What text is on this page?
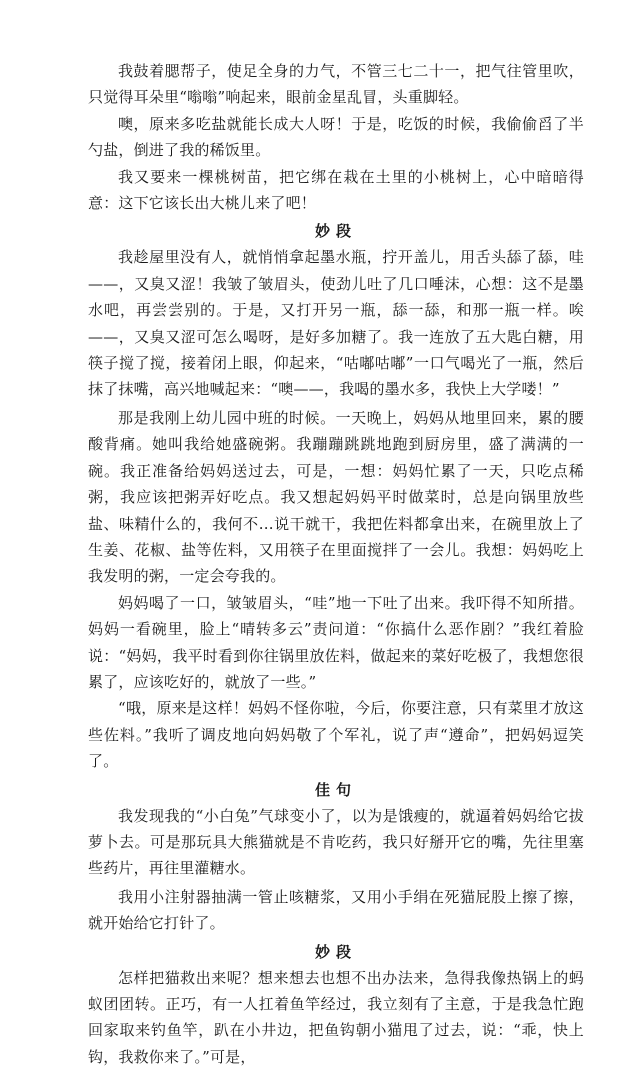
我鼓着腮帮子，使足全身的力气，不管三七二十一，把气往管里吹，只觉得耳朵里“嗡嗡”响起来，眼前金星乱冒，头重脚轻。

噢，原来多吃盐就能长成大人呀！于是，吃饭的时候，我偷偷舀了半勺盐，倒进了我的稀饭里。

我又要来一棵桃树苗，把它绑在栽在土里的小桃树上，心中暗暗得意：这下它该长出大桃儿来了吧！

妙段

我趁屋里没有人，就悄悄拿起墨水瓶，拧开盖儿，用舌头舔了舔，哇——，又臭又涩！我皱了皱眉头，使劲儿吐了几口唾沫，心想：这不是墨水吧，再尝尝别的。于是，又打开另一瓶，舔一舔，和那一瓶一样。唉——，又臭又涩可怎么喝呀，是好多加糖了。我一连放了五大匙白糖，用筷子搅了搅，接着闭上眼，仰起来，“咕嘟咕嘟”一口气喝光了一瓶，然后抹了抹嘴，高兴地喊起来：“噢——，我喝的墨水多，我快上大学喽！”

那是我刚上幼儿园中班的时候。一天晚上，妈妈从地里回来，累的腰酸背痛。她叫我给她盛碗粥。我蹦蹦跳跳地跑到厨房里，盛了满满的一碗。我正准备给妈妈送过去，可是，一想：妈妈忙累了一天，只吃点稀粥，我应该把粥弄好吃点。我又想起妈妈平时做菜时，总是向锅里放些盐、味精什么的，我何不…说干就干，我把佐料都拿出来，在碗里放上了生姜、花椒、盐等佐料，又用筷子在里面搅拌了一会儿。我想：妈妈吃上我发明的粥，一定会夸我的。

妈妈喝了一口，皱皱眉头，“哇”地一下吐了出来。我吓得不知所措。妈妈一看碗里，脸上“晴转多云”责问道：“你搞什么恶作剧？”我红着脸说：“妈妈，我平时看到你往锅里放佐料，做起来的菜好吃极了，我想您很累了，应该吃好的，就放了一些。”

“哦，原来是这样！妈妈不怪你啦，今后，你要注意，只有菜里才放这些佐料。”我听了调皮地向妈妈敬了个军礼，说了声“遵命”，把妈妈逗笑了。

佳句

我发现我的“小白兔”气球变小了，以为是饿瘦的，就逼着妈妈给它拔萝卜去。可是那玩具大熊猫就是不肯吃药，我只好掰开它的嘴，先往里塞些药片，再往里灌糖水。

我用小注射器抽满一管止咳糖浆，又用小手绢在死猫屁股上擦了擦，就开始给它打针了。

妙段

怎样把猫救出来呢？想来想去也想不出办法来，急得我像热锅上的蚂蚁团团转。正巧，有一人扛着鱼竿经过，我立刻有了主意，于是我急忙跑回家取来钓鱼竿，趴在小井边，把鱼钩朝小猫甩了过去，说：“乖，快上钩，我救你来了。”可是，
